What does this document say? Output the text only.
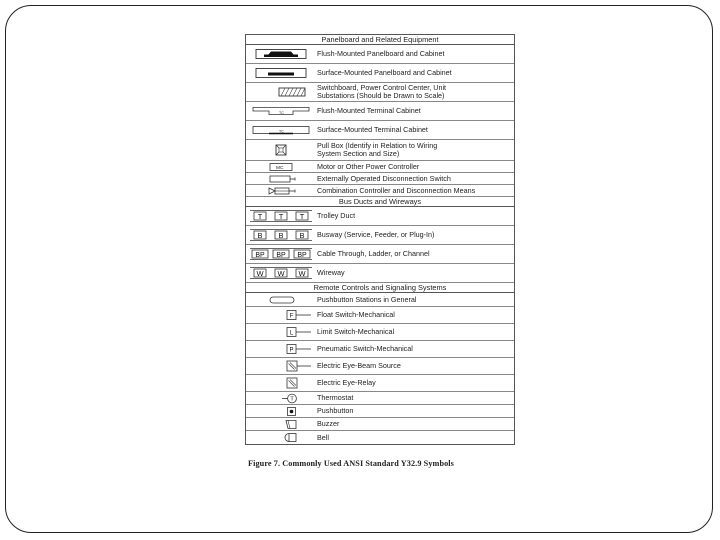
Panelboard and Related Equipment
Flush-Mounted Panelboard and Cabinet
Surface-Mounted Panelboard and Cabinet
Switchboard, Power Control Center, Unit
Substations (Should be Drawn to Scale)
TC	Flush-Mounted Terminal Cabinet
TC	Surface-Mounted Terminal Cabinet
Pull Box (Identify in Relation to Wiring
System Section and Size)
MC	Motor or Other Power Controller
Externally Operated Disconnection Switch
Combination Controller and Disconnection Means
Bus Ducts and Wireways
T T T Trolley Duct
B B B Busway (Service, Feeder, or Plug-In)
BP BP BP Cable Through, Ladder, or Channel
W W W Wireway
Remote Controls and Signaling Systems
Pushbutton Stations in General
F	Float Switch-Mechanical
L	Limit Switch-Mechanical
P	Pneumatic Switch-Mechanical
Electric Eye-Beam Source
Electric Eye-Relay
T	Thermostat
Pushbutton
Buzzer
Bell
Figure 7. Commonly Used ANSI Standard Y32.9 Symbols
